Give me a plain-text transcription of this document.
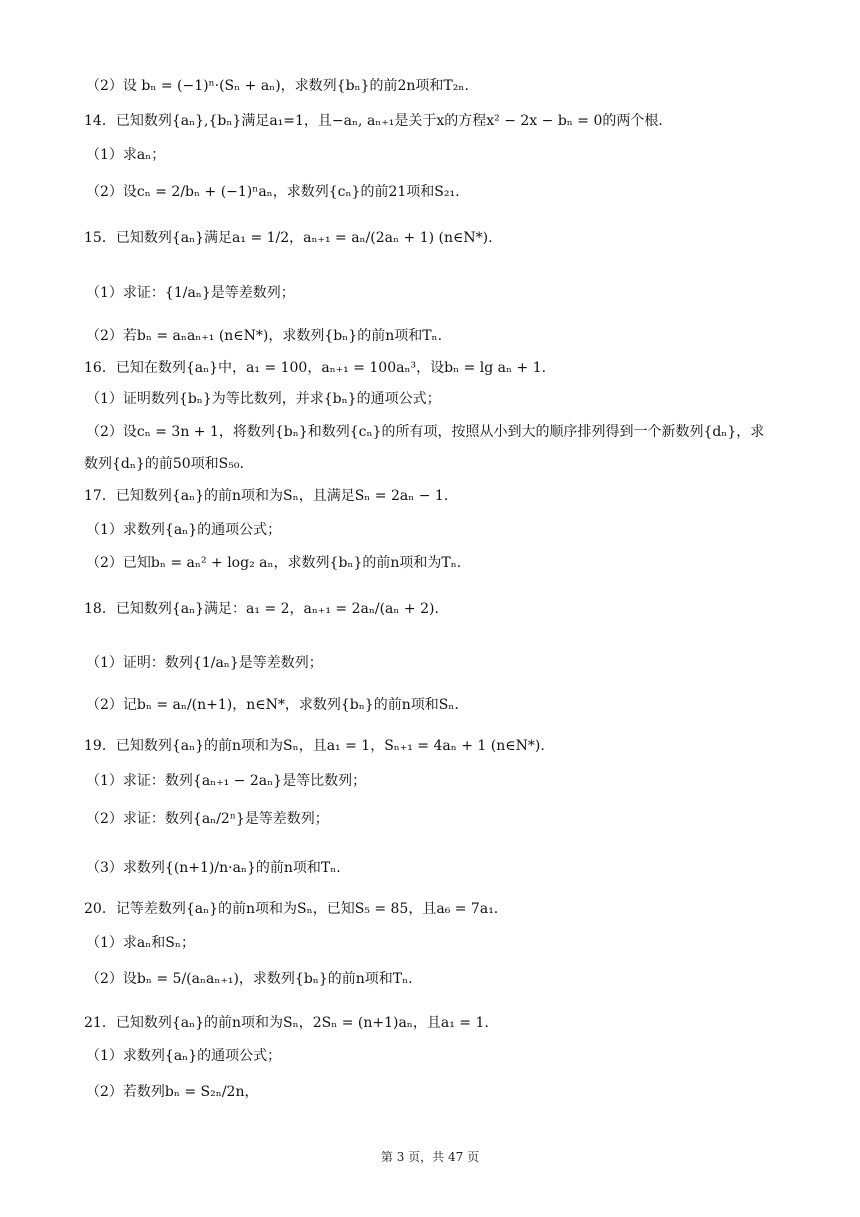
（2）设 bₙ = (−1)ⁿ·(Sₙ + aₙ)，求数列{bₙ}的前2n项和T₂ₙ.
14．已知数列{aₙ},{bₙ}满足a₁=1，且−aₙ, aₙ₊₁是关于x的方程x² − 2x − bₙ = 0的两个根.
（1）求aₙ；
（2）设cₙ = 2/bₙ + (−1)ⁿaₙ，求数列{cₙ}的前21项和S₂₁.
15．已知数列{aₙ}满足a₁ = 1/2，aₙ₊₁ = aₙ/(2aₙ + 1) (n∈N*).
（1）求证：{1/aₙ}是等差数列；
（2）若bₙ = aₙaₙ₊₁ (n∈N*)，求数列{bₙ}的前n项和Tₙ.
16．已知在数列{aₙ}中，a₁ = 100，aₙ₊₁ = 100aₙ³，设bₙ = lg aₙ + 1.
（1）证明数列{bₙ}为等比数列，并求{bₙ}的通项公式；
（2）设cₙ = 3n + 1，将数列{bₙ}和数列{cₙ}的所有项，按照从小到大的顺序排列得到一个新数列{dₙ}，求
数列{dₙ}的前50项和S₅₀.
17．已知数列{aₙ}的前n项和为Sₙ，且满足Sₙ = 2aₙ − 1.
（1）求数列{aₙ}的通项公式；
（2）已知bₙ = aₙ² + log₂ aₙ，求数列{bₙ}的前n项和为Tₙ.
18．已知数列{aₙ}满足：a₁ = 2，aₙ₊₁ = 2aₙ/(aₙ + 2).
（1）证明：数列{1/aₙ}是等差数列；
（2）记bₙ = aₙ/(n+1)，n∈N*，求数列{bₙ}的前n项和Sₙ.
19．已知数列{aₙ}的前n项和为Sₙ，且a₁ = 1，Sₙ₊₁ = 4aₙ + 1 (n∈N*).
（1）求证：数列{aₙ₊₁ − 2aₙ}是等比数列；
（2）求证：数列{aₙ/2ⁿ}是等差数列；
（3）求数列{(n+1)/n·aₙ}的前n项和Tₙ.
20．记等差数列{aₙ}的前n项和为Sₙ，已知S₅ = 85，且a₆ = 7a₁.
（1）求aₙ和Sₙ；
（2）设bₙ = 5/(aₙaₙ₊₁)，求数列{bₙ}的前n项和Tₙ.
21．已知数列{aₙ}的前n项和为Sₙ，2Sₙ = (n+1)aₙ，且a₁ = 1.
（1）求数列{aₙ}的通项公式；
（2）若数列bₙ = S₂ₙ/2n，
第 3 页，共 47 页
